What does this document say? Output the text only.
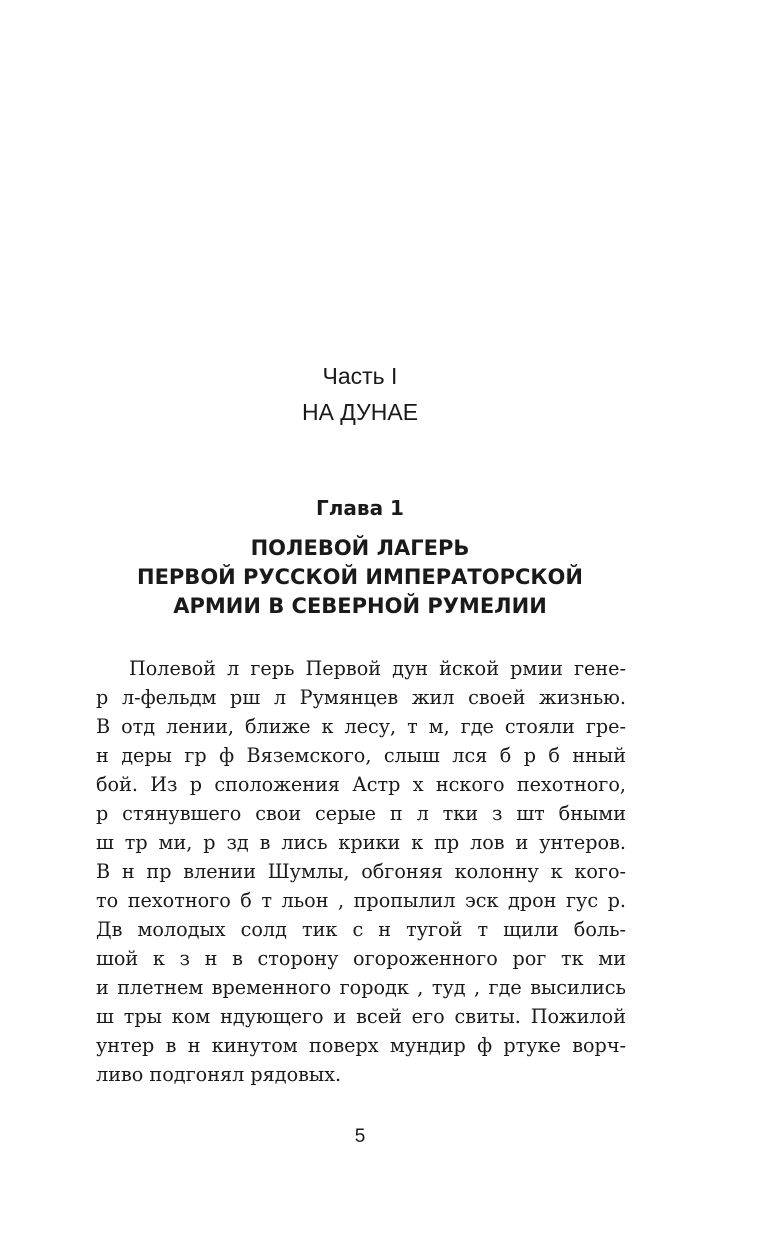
Часть I
НА ДУНАЕ
Глава 1
ПОЛЕВОЙ ЛАГЕРЬ
ПЕРВОЙ РУССКОЙ ИМПЕРАТОРСКОЙ
АРМИИ В СЕВЕРНОЙ РУМЕЛИИ
Полевой л герь Первой дун йской рмии гене-
р л-фельдм рш л Румянцев жил своей жизнью.
В отд лении, ближе к лесу, т м, где стояли гре-
н деры гр ф Вяземского, слыш лся б р б нный
бой. Из р сположения Астр х нского пехотного,
р стянувшего свои серые п л тки з шт бными
ш тр ми, р зд в лись крики к пр лов и унтеров.
В н пр влении Шумлы, обгоняя колонну к кого-
то пехотного б т льон , пропылил эск дрон гус р.
Дв молодых солд тик с н тугой т щили боль-
шой к з н в сторону огороженного рог тк ми
и плетнем временного городк , туд , где высились
ш тры ком ндующего и всей его свиты. Пожилой
унтер в н кинутом поверх мундир ф ртуке ворч-
ливо подгонял рядовых.
5
